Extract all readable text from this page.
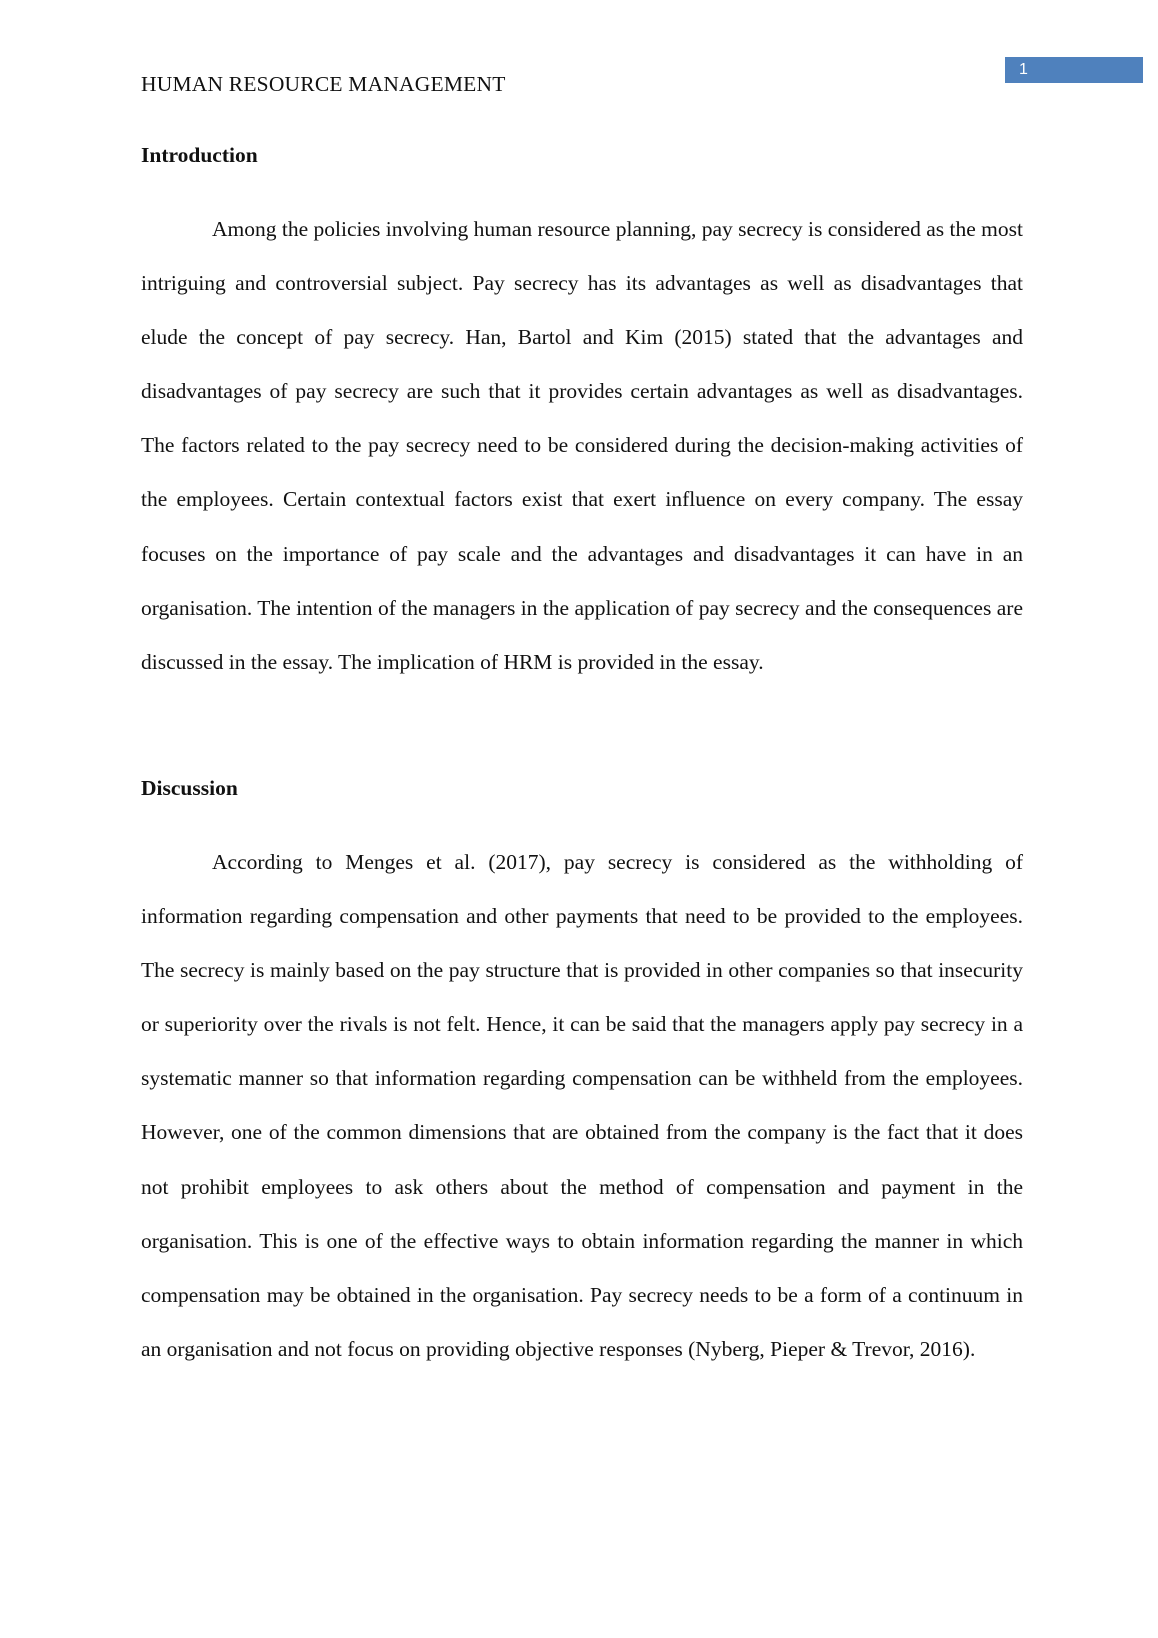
HUMAN RESOURCE MANAGEMENT
1
Introduction

Among the policies involving human resource planning, pay secrecy is considered as the most intriguing and controversial subject. Pay secrecy has its advantages as well as disadvantages that elude the concept of pay secrecy. Han, Bartol and Kim (2015) stated that the advantages and disadvantages of pay secrecy are such that it provides certain advantages as well as disadvantages. The factors related to the pay secrecy need to be considered during the decision-making activities of the employees. Certain contextual factors exist that exert influence on every company. The essay focuses on the importance of pay scale and the advantages and disadvantages it can have in an organisation. The intention of the managers in the application of pay secrecy and the consequences are discussed in the essay. The implication of HRM is provided in the essay.

Discussion

According to Menges et al. (2017), pay secrecy is considered as the withholding of information regarding compensation and other payments that need to be provided to the employees. The secrecy is mainly based on the pay structure that is provided in other companies so that insecurity or superiority over the rivals is not felt. Hence, it can be said that the managers apply pay secrecy in a systematic manner so that information regarding compensation can be withheld from the employees. However, one of the common dimensions that are obtained from the company is the fact that it does not prohibit employees to ask others about the method of compensation and payment in the organisation. This is one of the effective ways to obtain information regarding the manner in which compensation may be obtained in the organisation. Pay secrecy needs to be a form of a continuum in an organisation and not focus on providing objective responses (Nyberg, Pieper & Trevor, 2016).
